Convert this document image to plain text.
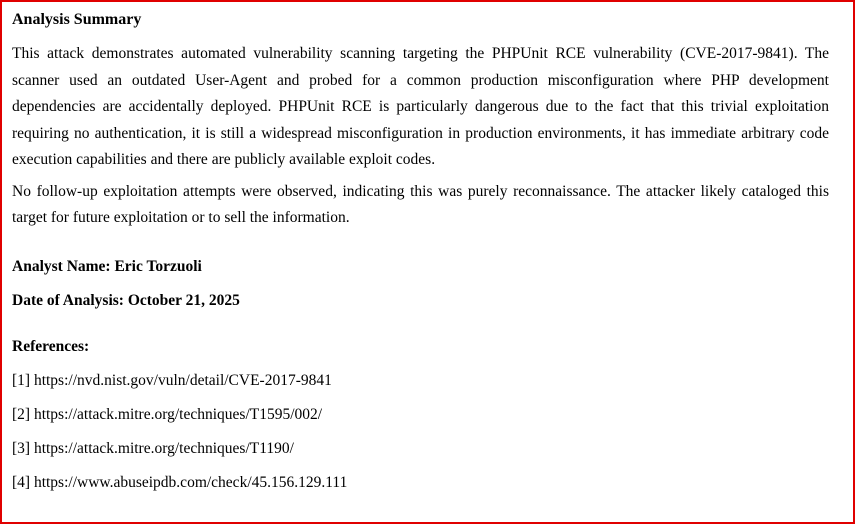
Analysis Summary

This attack demonstrates automated vulnerability scanning targeting the PHPUnit RCE vulnerability (CVE-2017-9841). The scanner used an outdated User-Agent and probed for a common production misconfiguration where PHP development dependencies are accidentally deployed. PHPUnit RCE is particularly dangerous due to the fact that this trivial exploitation requiring no authentication, it is still a widespread misconfiguration in production environments, it has immediate arbitrary code execution capabilities and there are publicly available exploit codes.

No follow-up exploitation attempts were observed, indicating this was purely reconnaissance. The attacker likely cataloged this target for future exploitation or to sell the information.

Analyst Name: Eric Torzuoli

Date of Analysis: October 21, 2025

References:

[1] https://nvd.nist.gov/vuln/detail/CVE-2017-9841
[2] https://attack.mitre.org/techniques/T1595/002/
[3] https://attack.mitre.org/techniques/T1190/
[4] https://www.abuseipdb.com/check/45.156.129.111
